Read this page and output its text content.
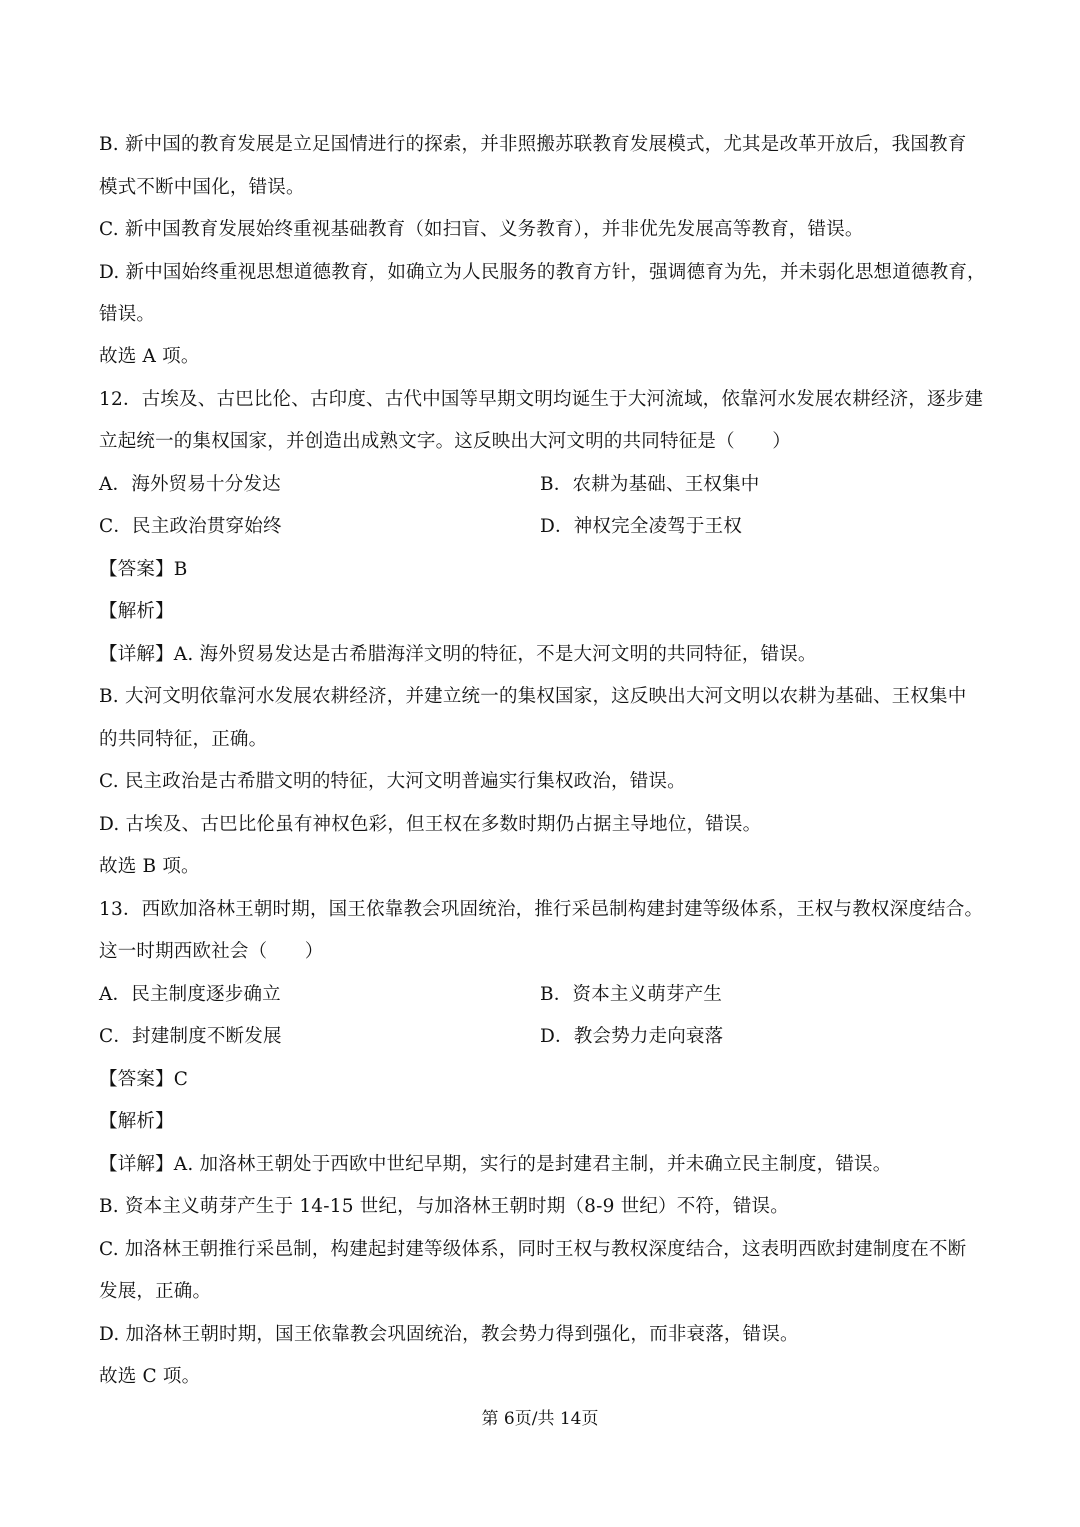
B. 新中国的教育发展是立足国情进行的探索，并非照搬苏联教育发展模式，尤其是改革开放后，我国教育
模式不断中国化，错误。
C. 新中国教育发展始终重视基础教育（如扫盲、义务教育），并非优先发展高等教育，错误。
D. 新中国始终重视思想道德教育，如确立为人民服务的教育方针，强调德育为先，并未弱化思想道德教育，
错误。
故选 A 项。
12．古埃及、古巴比伦、古印度、古代中国等早期文明均诞生于大河流域，依靠河水发展农耕经济，逐步建
立起统一的集权国家，并创造出成熟文字。这反映出大河文明的共同特征是（　　）
A．海外贸易十分发达	B．农耕为基础、王权集中
C．民主政治贯穿始终	D．神权完全凌驾于王权
【答案】B
【解析】
【详解】A. 海外贸易发达是古希腊海洋文明的特征，不是大河文明的共同特征，错误。
B. 大河文明依靠河水发展农耕经济，并建立统一的集权国家，这反映出大河文明以农耕为基础、王权集中
的共同特征，正确。
C. 民主政治是古希腊文明的特征，大河文明普遍实行集权政治，错误。
D. 古埃及、古巴比伦虽有神权色彩，但王权在多数时期仍占据主导地位，错误。
故选 B 项。
13．西欧加洛林王朝时期，国王依靠教会巩固统治，推行采邑制构建封建等级体系，王权与教权深度结合。
这一时期西欧社会（　　）
A．民主制度逐步确立	B．资本主义萌芽产生
C．封建制度不断发展	D．教会势力走向衰落
【答案】C
【解析】
【详解】A. 加洛林王朝处于西欧中世纪早期，实行的是封建君主制，并未确立民主制度，错误。
B. 资本主义萌芽产生于 14-15 世纪，与加洛林王朝时期（8-9 世纪）不符，错误。
C. 加洛林王朝推行采邑制，构建起封建等级体系，同时王权与教权深度结合，这表明西欧封建制度在不断
发展，正确。
D. 加洛林王朝时期，国王依靠教会巩固统治，教会势力得到强化，而非衰落，错误。
故选 C 项。
第 6页/共 14页
